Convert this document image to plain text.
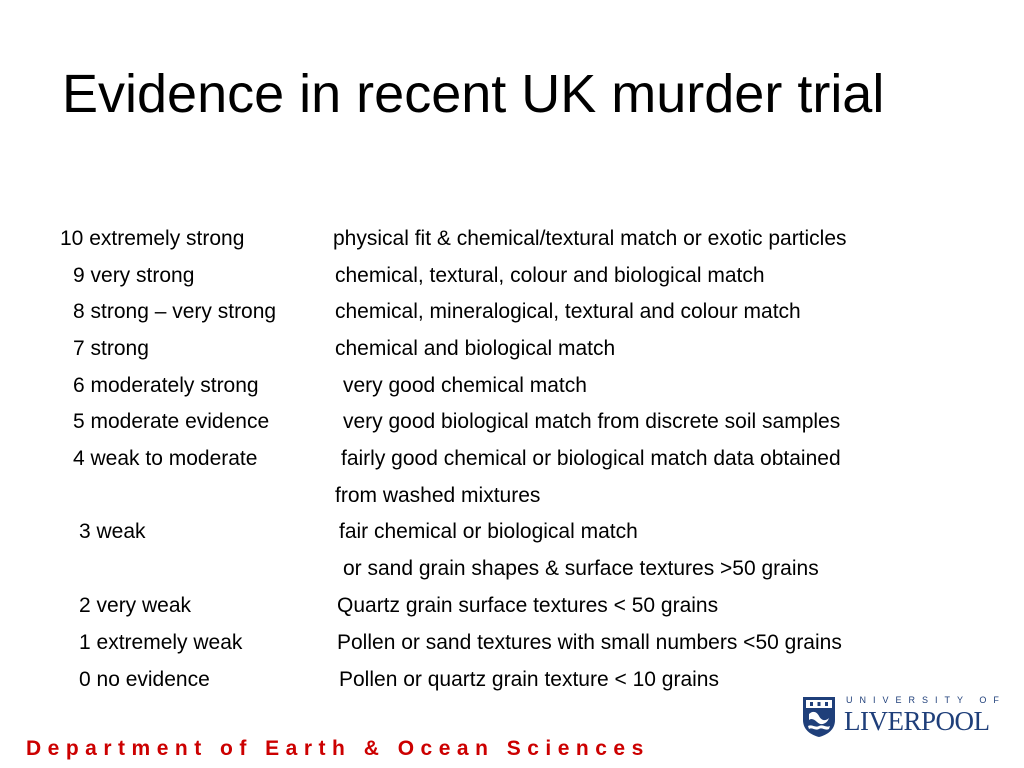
Evidence in recent UK murder trial
10 extremely strong	physical fit & chemical/textural match or exotic particles
9 very strong	chemical, textural, colour and biological match
8 strong – very strong	chemical, mineralogical, textural and colour match
7 strong	chemical and biological match
6 moderately strong	very good chemical match
5 moderate evidence	very good biological match from discrete soil samples
4 weak to moderate	fairly good chemical or biological match data obtained
from washed mixtures
3 weak	fair chemical or biological match
or sand grain shapes & surface textures >50 grains
2 very weak	Quartz grain surface textures < 50 grains
1 extremely weak	Pollen or sand textures with small numbers <50 grains
0 no evidence	Pollen or quartz grain texture < 10 grains
Department of Earth & Ocean Sciences
UNIVERSITY OF
LIVERPOOL
